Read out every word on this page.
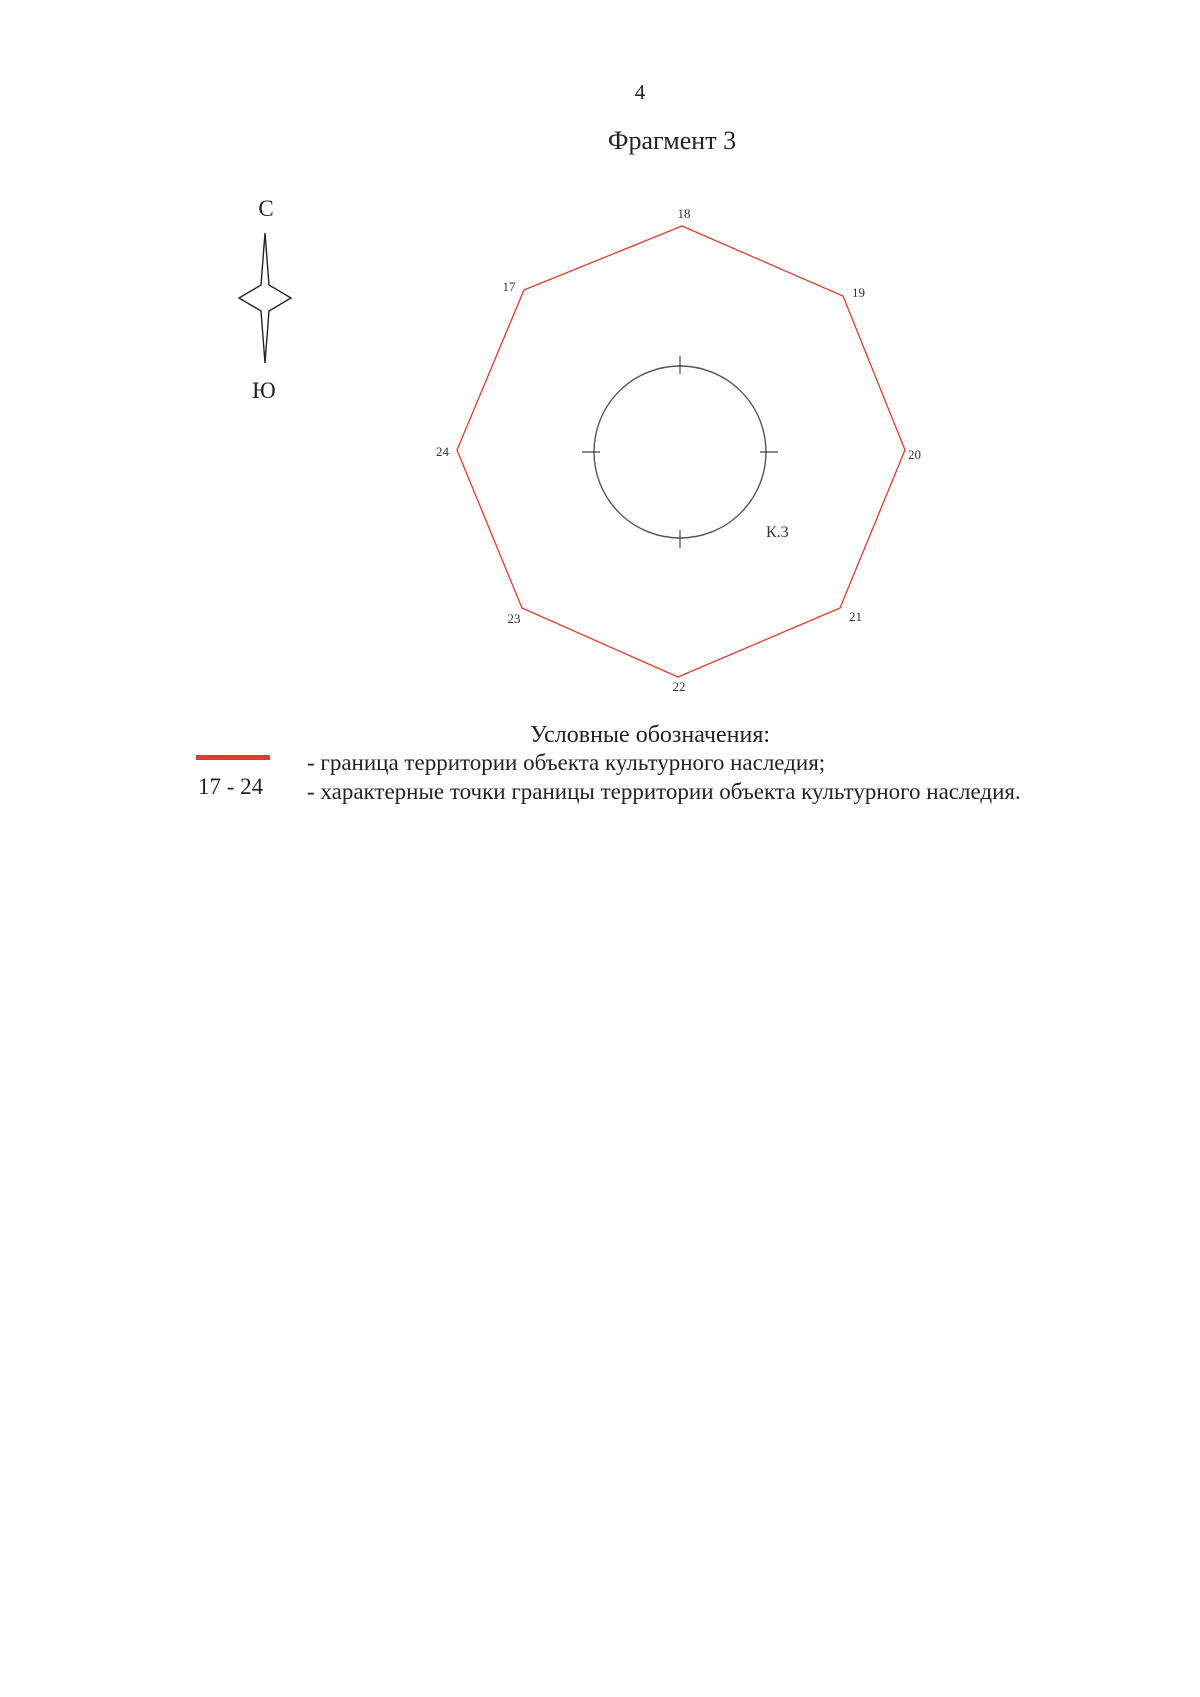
4
Фрагмент 3
С
Ю
18
19
20
21
22
23
24
17
К.3
Условные обозначения:
17 - 24
- граница территории объекта культурного наследия;
- характерные точки границы территории объекта культурного наследия.
